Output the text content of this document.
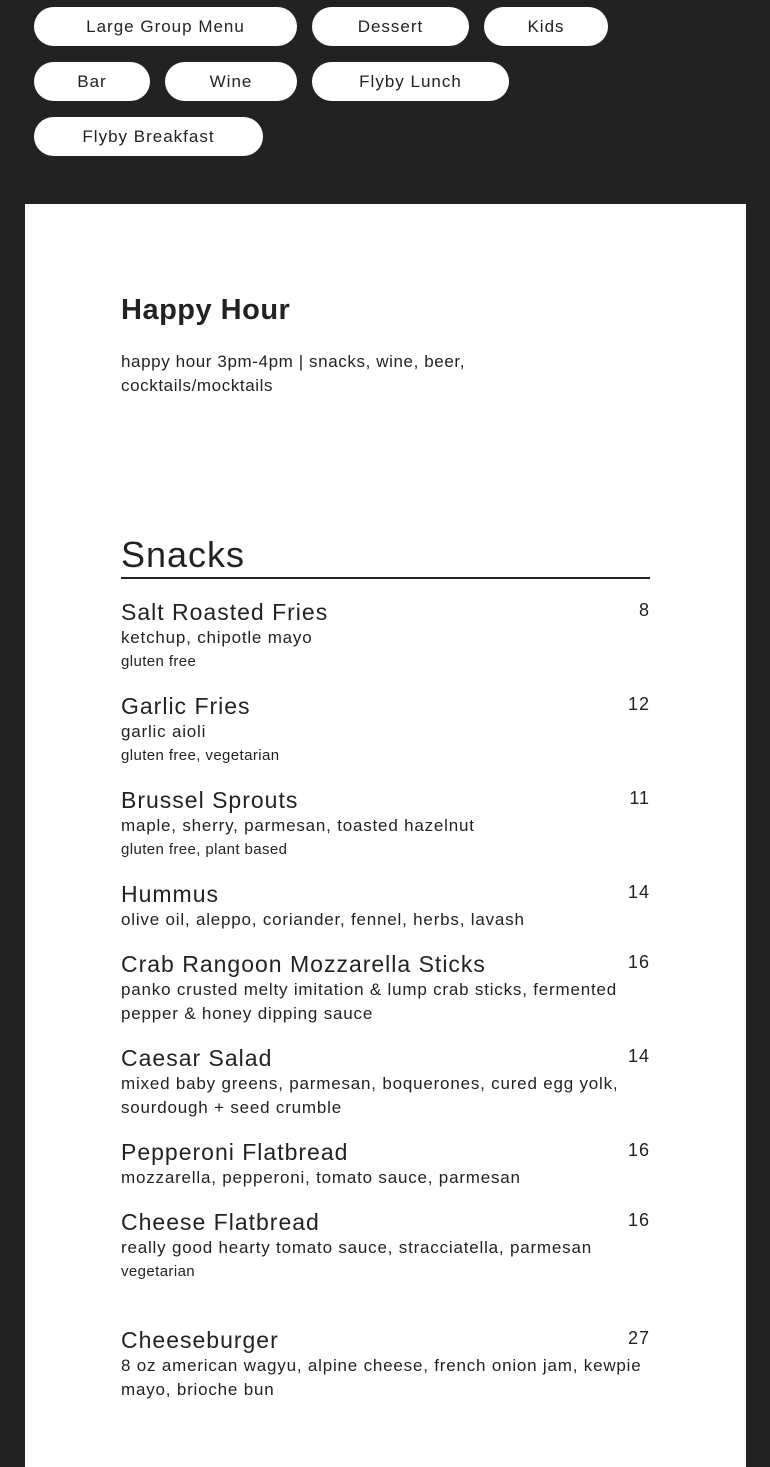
Large Group Menu	Dessert	Kids
Bar	Wine	Flyby Lunch
Flyby Breakfast
Happy Hour

happy hour 3pm-4pm | snacks, wine, beer, cocktails/mocktails

Snacks

Salt Roasted Fries	8

ketchup, chipotle mayo

gluten free

Garlic Fries	12

garlic aioli

gluten free, vegetarian

Brussel Sprouts	11

maple, sherry, parmesan, toasted hazelnut

gluten free, plant based

Hummus	14

olive oil, aleppo, coriander, fennel, herbs, lavash

Crab Rangoon Mozzarella Sticks	16

panko crusted melty imitation & lump crab sticks, fermented pepper & honey dipping sauce

Caesar Salad	14

mixed baby greens, parmesan, boquerones, cured egg yolk, sourdough + seed crumble

Pepperoni Flatbread	16

mozzarella, pepperoni, tomato sauce, parmesan

Cheese Flatbread	16

really good hearty tomato sauce, stracciatella, parmesan

vegetarian

Cheeseburger	27

8 oz american wagyu, alpine cheese, french onion jam, kewpie mayo, brioche bun
